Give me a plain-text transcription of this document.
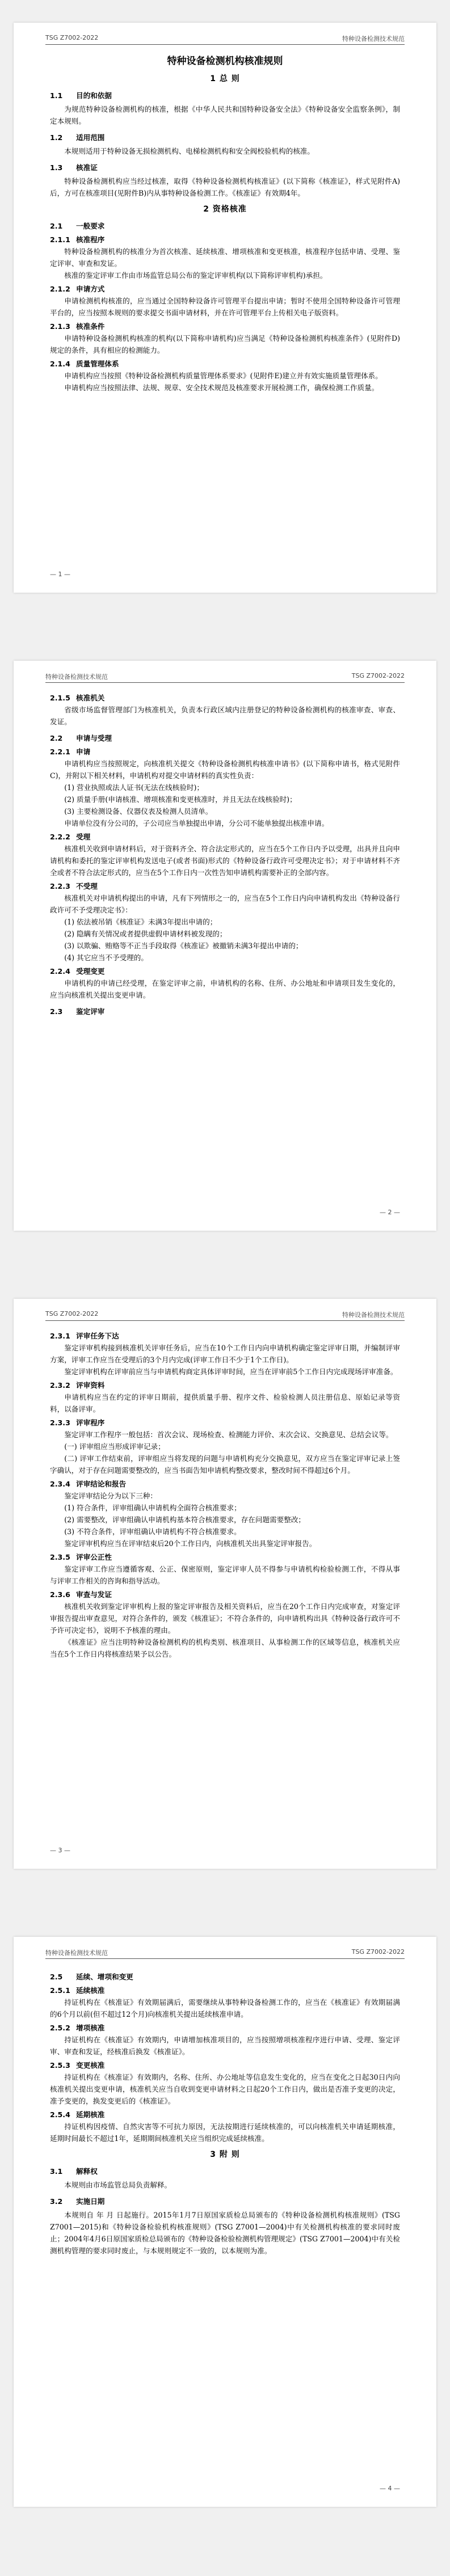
TSG Z7002-2022	特种设备检测技术规范
特种设备检测机构核准规则
1 总 则
1.1 目的和依据

为规范特种设备检测机构的核准，根据《中华人民共和国特种设备安全法》《特种设备安全监察条例》，制定本规则。

1.2 适用范围

本规则适用于特种设备无损检测机构、电梯检测机构和安全阀校验机构的核准。

1.3 核准证

特种设备检测机构应当经过核准，取得《特种设备检测机构核准证》(以下简称《核准证》，样式见附件A)后，方可在核准项目(见附件B)内从事特种设备检测工作。《核准证》有效期4年。

2 资格核准
2.1 一般要求
2.1.1 核准程序

特种设备检测机构的核准分为首次核准、延续核准、增项核准和变更核准，核准程序包括申请、受理、鉴定评审、审查和发证。

核准的鉴定评审工作由市场监管总局公布的鉴定评审机构(以下简称评审机构)承担。

2.1.2 申请方式

申请检测机构核准的，应当通过全国特种设备许可管理平台提出申请；暂时不使用全国特种设备许可管理平台的，应当按照本规则的要求提交书面申请材料，并在许可管理平台上传相关电子版资料。

2.1.3 核准条件

申请特种设备检测机构核准的机构(以下简称申请机构)应当满足《特种设备检测机构核准条件》(见附件D)规定的条件，具有相应的检测能力。

2.1.4 质量管理体系

申请机构应当按照《特种设备检测机构质量管理体系要求》(见附件E)建立并有效实施质量管理体系。

申请机构应当按照法律、法规、规章、安全技术规范及核准要求开展检测工作，确保检测工作质量。

— 1 —
特种设备检测技术规范	TSG Z7002-2022
2.1.5 核准机关

省级市场监督管理部门为核准机关，负责本行政区域内注册登记的特种设备检测机构的核准审查、审查、发证。

2.2 申请与受理
2.2.1 申请

申请机构应当按照规定，向核准机关提交《特种设备检测机构核准申请书》(以下简称申请书，格式见附件C)，并附以下相关材料，申请机构对提交申请材料的真实性负责：

(1) 营业执照或法人证书(无法在线核验时)；

(2) 质量手册(申请核准、增项核准和变更核准时，并且无法在线核验时)；

(3) 主要检测设备、仪器仪表及检测人员清单。

申请单位没有分公司的，子公司应当单独提出申请，分公司不能单独提出核准申请。

2.2.2 受理

核准机关收到申请材料后，对于资料齐全、符合法定形式的，应当在5个工作日内予以受理，出具并且向申请机构和委托的鉴定评审机构发送电子(或者书面)形式的《特种设备行政许可受理决定书》；对于申请材料不齐全或者不符合法定形式的，应当在5个工作日内一次性告知申请机构需要补正的全部内容。

2.2.3 不受理

核准机关对申请机构提出的申请，凡有下列情形之一的，应当在5个工作日内向申请机构发出《特种设备行政许可不予受理决定书》：

(1) 依法被吊销《核准证》未满3年提出申请的；

(2) 隐瞒有关情况或者提供虚假申请材料被发现的；

(3) 以欺骗、贿赂等不正当手段取得《核准证》被撤销未满3年提出申请的；

(4) 其它应当不予受理的。

2.2.4 受理变更

申请机构的申请已经受理，在鉴定评审之前，申请机构的名称、住所、办公地址和申请项目发生变化的，应当向核准机关提出变更申请。

2.3 鉴定评审
— 2 —
TSG Z7002-2022	特种设备检测技术规范
2.3.1 评审任务下达

鉴定评审机构接到核准机关评审任务后，应当在10个工作日内向申请机构确定鉴定评审日期，并编制评审方案，评审工作应当在受理后的3个月内完成(评审工作日不少于1个工作日)。

鉴定评审机构在评审前应当与申请机构商定具体评审时间，应当在评审前5个工作日内完成现场评审准备。

2.3.2 评审资料

申请机构应当在约定的评审日期前，提供质量手册、程序文件、检验检测人员注册信息、原始记录等资料，以备评审。

2.3.3 评审程序

鉴定评审工作程序一般包括：首次会议、现场检查、检测能力评价、末次会议、交换意见、总结会议等。

(一) 评审组应当形成评审记录；

(二) 评审工作结束前，评审组应当将发现的问题与申请机构充分交换意见，双方应当在鉴定评审记录上签字确认，对于存在问题需要整改的，应当书面告知申请机构整改要求，整改时间不得超过6个月。

2.3.4 评审结论和报告

鉴定评审结论分为以下三种：

(1) 符合条件，评审组确认申请机构全面符合核准要求；

(2) 需要整改，评审组确认申请机构基本符合核准要求，存在问题需要整改；

(3) 不符合条件，评审组确认申请机构不符合核准要求。

鉴定评审机构应当在评审结束后20个工作日内，向核准机关出具鉴定评审报告。

2.3.5 评审公正性

鉴定评审工作应当遵循客观、公正、保密原则，鉴定评审人员不得参与申请机构检验检测工作，不得从事与评审工作相关的咨询和指导活动。

2.3.6 审查与发证

核准机关收到鉴定评审机构上报的鉴定评审报告及相关资料后，应当在20个工作日内完成审查，对鉴定评审报告提出审查意见，对符合条件的，颁发《核准证》；不符合条件的，向申请机构出具《特种设备行政许可不予许可决定书》，说明不予核准的理由。

《核准证》应当注明特种设备检测机构的机构类别、核准项目、从事检测工作的区域等信息，核准机关应当在5个工作日内将核准结果予以公告。

— 3 —
特种设备检测技术规范	TSG Z7002-2022
2.5 延续、增项和变更
2.5.1 延续核准

持证机构在《核准证》有效期届满后，需要继续从事特种设备检测工作的，应当在《核准证》有效期届满的6个月以前(但不超过12个月)向核准机关提出延续核准申请。

2.5.2 增项核准

持证机构在《核准证》有效期内，申请增加核准项目的，应当按照增项核准程序进行申请、受理、鉴定评审、审查和发证，经核准后换发《核准证》。

2.5.3 变更核准

持证机构在《核准证》有效期内，名称、住所、办公地址等信息发生变化的，应当在变化之日起30日内向核准机关提出变更申请，核准机关应当自收到变更申请材料之日起20个工作日内，做出是否准予变更的决定，准予变更的，换发变更后的《核准证》。

2.5.4 延期核准

持证机构因疫情、自然灾害等不可抗力原因，无法按期进行延续核准的，可以向核准机关申请延期核准，延期时间最长不超过1年，延期期间核准机关应当组织完成延续核准。

3 附 则
3.1 解释权

本规则由市场监管总局负责解释。

3.2 实施日期

本规则自 年 月 日起施行。2015年1月7日原国家质检总局颁布的《特种设备检测机构核准规则》(TSG Z7001—2015)和《特种设备检验机构核准规则》(TSG Z7001—2004)中有关检测机构核准的要求同时废止；2004年4月6日原国家质检总局颁布的《特种设备检验检测机构管理规定》(TSG Z7001—2004)中有关检测机构管理的要求同时废止，与本规则规定不一致的，以本规则为准。

— 4 —
